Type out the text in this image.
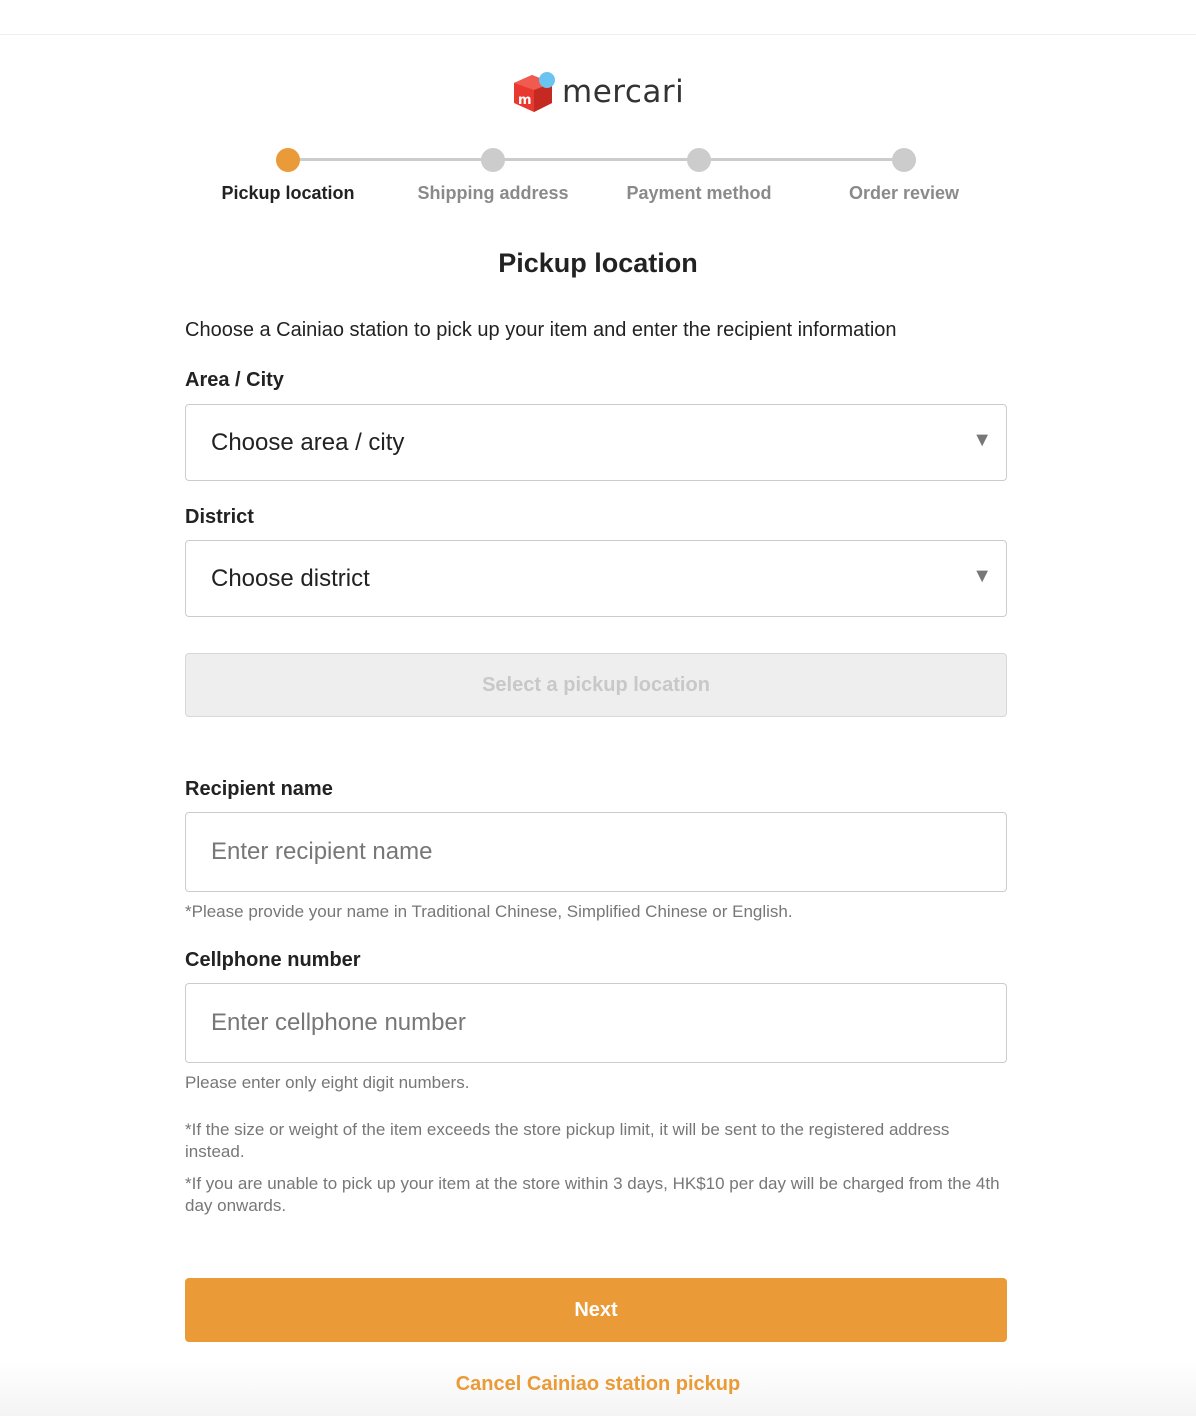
m mercari
Pickup location	Shipping address	Payment method	Order review
Pickup location

Choose a Cainiao station to pick up your item and enter the recipient information

Area / City
Choose area / city	▼
District
Choose district	▼
Select a pickup location
Recipient name
Enter recipient name
*Please provide your name in Traditional Chinese, Simplified Chinese or English.
Cellphone number
Enter cellphone number
Please enter only eight digit numbers.
*If the size or weight of the item exceeds the store pickup limit, it will be sent to the registered address instead.
*If you are unable to pick up your item at the store within 3 days, HK$10 per day will be charged from the 4th day onwards.
Next
Cancel Cainiao station pickup
